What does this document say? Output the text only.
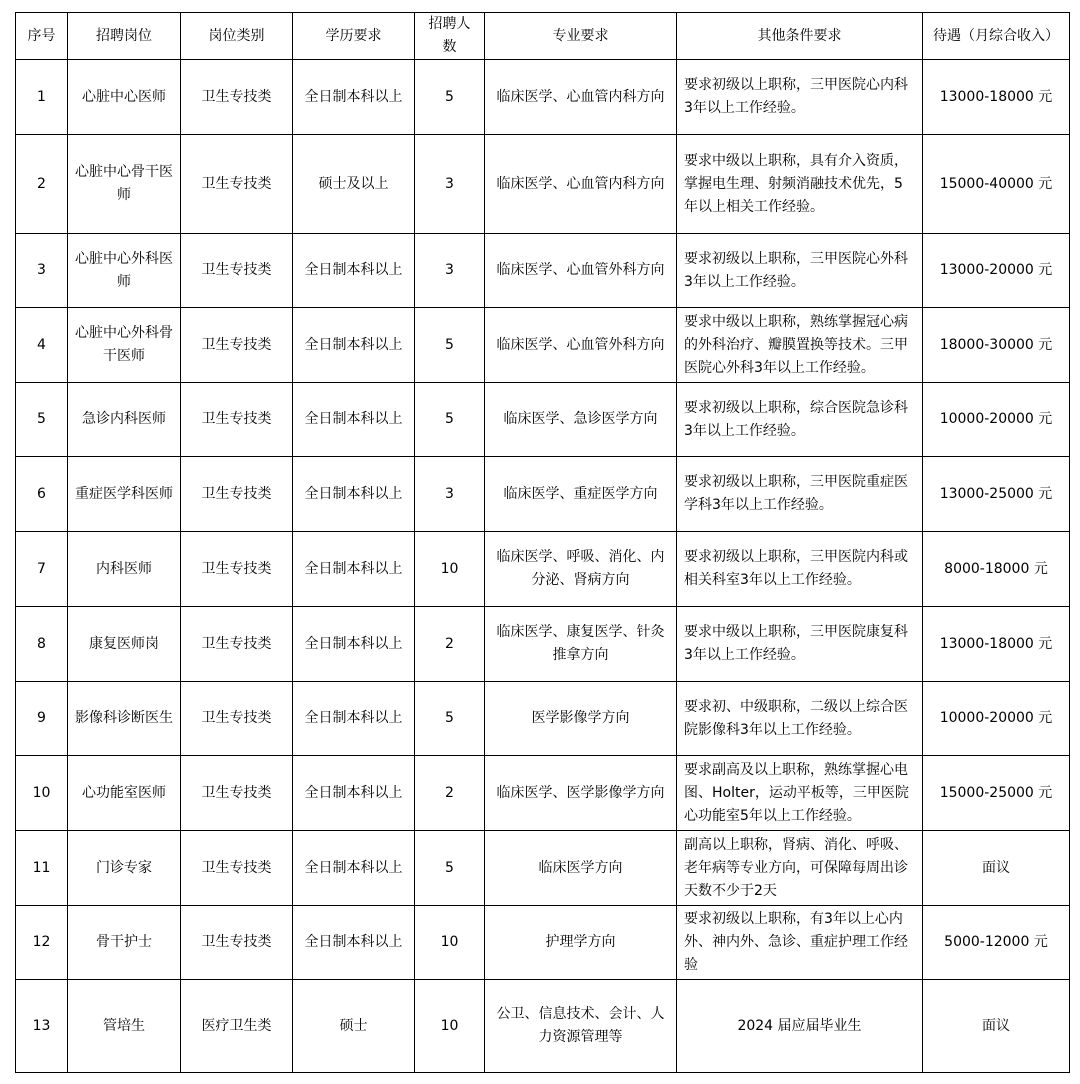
序号	招聘岗位	岗位类别	学历要求	招聘人数	专业要求	其他条件要求	待遇（月综合收入）
1	心脏中心医师	卫生专技类	全日制本科以上	5	临床医学、心血管内科方向	要求初级以上职称，三甲医院心内科3年以上工作经验。	13000-18000 元
2	心脏中心骨干医师	卫生专技类	硕士及以上	3	临床医学、心血管内科方向	要求中级以上职称，具有介入资质，掌握电生理、射频消融技术优先，5年以上相关工作经验。	15000-40000 元
3	心脏中心外科医师	卫生专技类	全日制本科以上	3	临床医学、心血管外科方向	要求初级以上职称，三甲医院心外科3年以上工作经验。	13000-20000 元
4	心脏中心外科骨干医师	卫生专技类	全日制本科以上	5	临床医学、心血管外科方向	要求中级以上职称，熟练掌握冠心病的外科治疗、瓣膜置换等技术。三甲医院心外科3年以上工作经验。	18000-30000 元
5	急诊内科医师	卫生专技类	全日制本科以上	5	临床医学、急诊医学方向	要求初级以上职称，综合医院急诊科3年以上工作经验。	10000-20000 元
6	重症医学科医师	卫生专技类	全日制本科以上	3	临床医学、重症医学方向	要求初级以上职称，三甲医院重症医学科3年以上工作经验。	13000-25000 元
7	内科医师	卫生专技类	全日制本科以上	10	临床医学、呼吸、消化、内分泌、肾病方向	要求初级以上职称，三甲医院内科或相关科室3年以上工作经验。	8000-18000 元
8	康复医师岗	卫生专技类	全日制本科以上	2	临床医学、康复医学、针灸推拿方向	要求中级以上职称，三甲医院康复科3年以上工作经验。	13000-18000 元
9	影像科诊断医生	卫生专技类	全日制本科以上	5	医学影像学方向	要求初、中级职称，二级以上综合医院影像科3年以上工作经验。	10000-20000 元
10	心功能室医师	卫生专技类	全日制本科以上	2	临床医学、医学影像学方向	要求副高及以上职称，熟练掌握心电图、Holter，运动平板等，三甲医院心功能室5年以上工作经验。	15000-25000 元
11	门诊专家	卫生专技类	全日制本科以上	5	临床医学方向	副高以上职称，肾病、消化、呼吸、老年病等专业方向，可保障每周出诊天数不少于2天	面议
12	骨干护士	卫生专技类	全日制本科以上	10	护理学方向	要求初级以上职称，有3年以上心内外、神内外、急诊、重症护理工作经验	5000-12000 元
13	管培生	医疗卫生类	硕士	10	公卫、信息技术、会计、人力资源管理等	2024 届应届毕业生	面议
